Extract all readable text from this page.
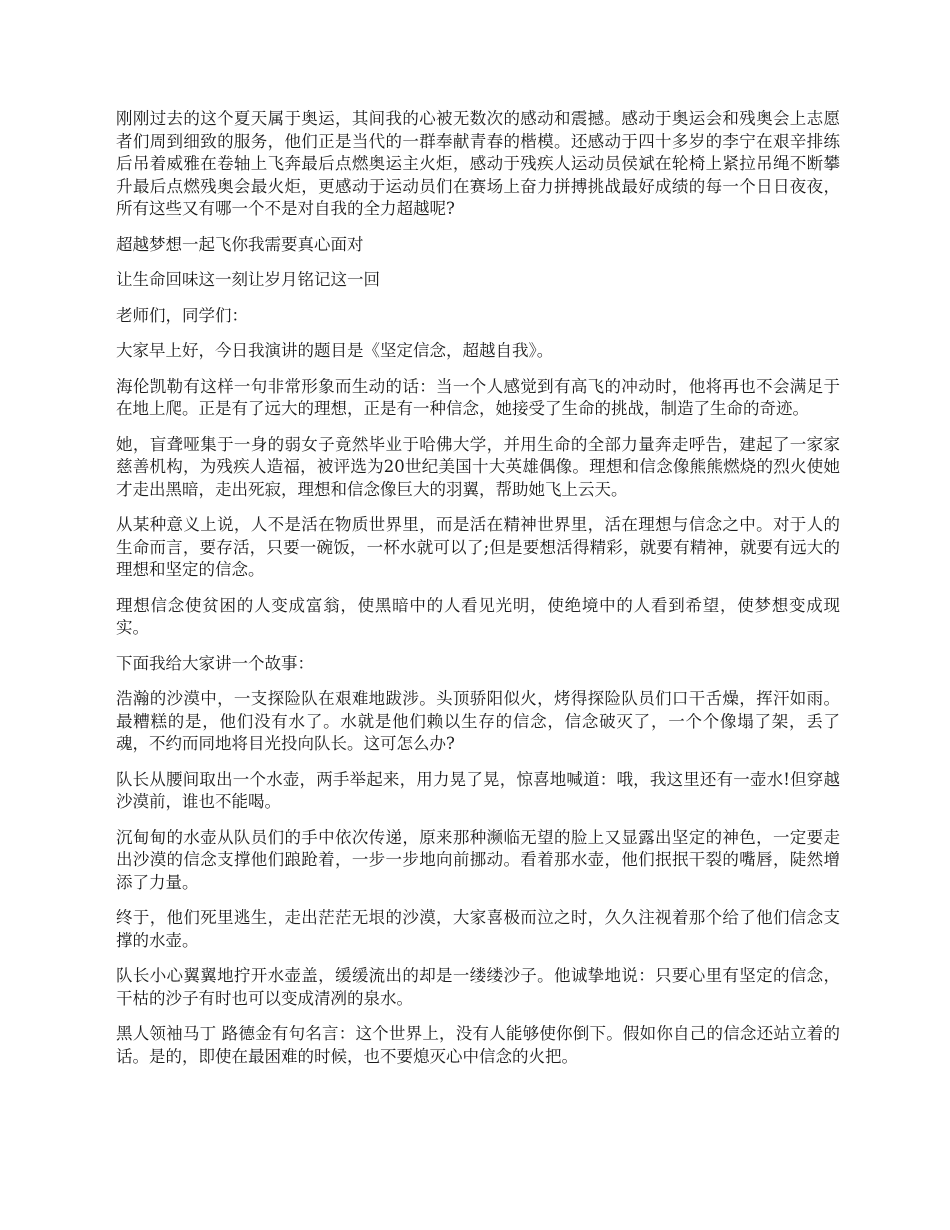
刚刚过去的这个夏天属于奥运，其间我的心被无数次的感动和震撼。感动于奥运会和残奥会上志愿者们周到细致的服务，他们正是当代的一群奉献青春的楷模。还感动于四十多岁的李宁在艰辛排练后吊着威雅在卷轴上飞奔最后点燃奥运主火炬，感动于残疾人运动员侯斌在轮椅上紧拉吊绳不断攀升最后点燃残奥会最火炬，更感动于运动员们在赛场上奋力拼搏挑战最好成绩的每一个日日夜夜，所有这些又有哪一个不是对自我的全力超越呢?

超越梦想一起飞你我需要真心面对

让生命回味这一刻让岁月铭记这一回

老师们，同学们：

大家早上好，今日我演讲的题目是《坚定信念，超越自我》。

海伦凯勒有这样一句非常形象而生动的话：当一个人感觉到有高飞的冲动时，他将再也不会满足于在地上爬。正是有了远大的理想，正是有一种信念，她接受了生命的挑战，制造了生命的奇迹。

她，盲聋哑集于一身的弱女子竟然毕业于哈佛大学，并用生命的全部力量奔走呼告，建起了一家家慈善机构，为残疾人造福，被评选为20世纪美国十大英雄偶像。理想和信念像熊熊燃烧的烈火使她才走出黑暗，走出死寂，理想和信念像巨大的羽翼，帮助她飞上云天。

从某种意义上说，人不是活在物质世界里，而是活在精神世界里，活在理想与信念之中。对于人的生命而言，要存活，只要一碗饭，一杯水就可以了;但是要想活得精彩，就要有精神，就要有远大的理想和坚定的信念。

理想信念使贫困的人变成富翁，使黑暗中的人看见光明，使绝境中的人看到希望，使梦想变成现实。

下面我给大家讲一个故事：

浩瀚的沙漠中，一支探险队在艰难地跋涉。头顶骄阳似火，烤得探险队员们口干舌燥，挥汗如雨。最糟糕的是，他们没有水了。水就是他们赖以生存的信念，信念破灭了，一个个像塌了架，丢了魂，不约而同地将目光投向队长。这可怎么办?

队长从腰间取出一个水壶，两手举起来，用力晃了晃，惊喜地喊道：哦，我这里还有一壶水!但穿越沙漠前，谁也不能喝。

沉甸甸的水壶从队员们的手中依次传递，原来那种濒临无望的脸上又显露出坚定的神色，一定要走出沙漠的信念支撑他们踉跄着，一步一步地向前挪动。看着那水壶，他们抿抿干裂的嘴唇，陡然增添了力量。

终于，他们死里逃生，走出茫茫无垠的沙漠，大家喜极而泣之时，久久注视着那个给了他们信念支撑的水壶。

队长小心翼翼地拧开水壶盖，缓缓流出的却是一缕缕沙子。他诚挚地说：只要心里有坚定的信念，干枯的沙子有时也可以变成清冽的泉水。

黑人领袖马丁 路德金有句名言：这个世界上，没有人能够使你倒下。假如你自己的信念还站立着的话。是的，即使在最困难的时候，也不要熄灭心中信念的火把。
